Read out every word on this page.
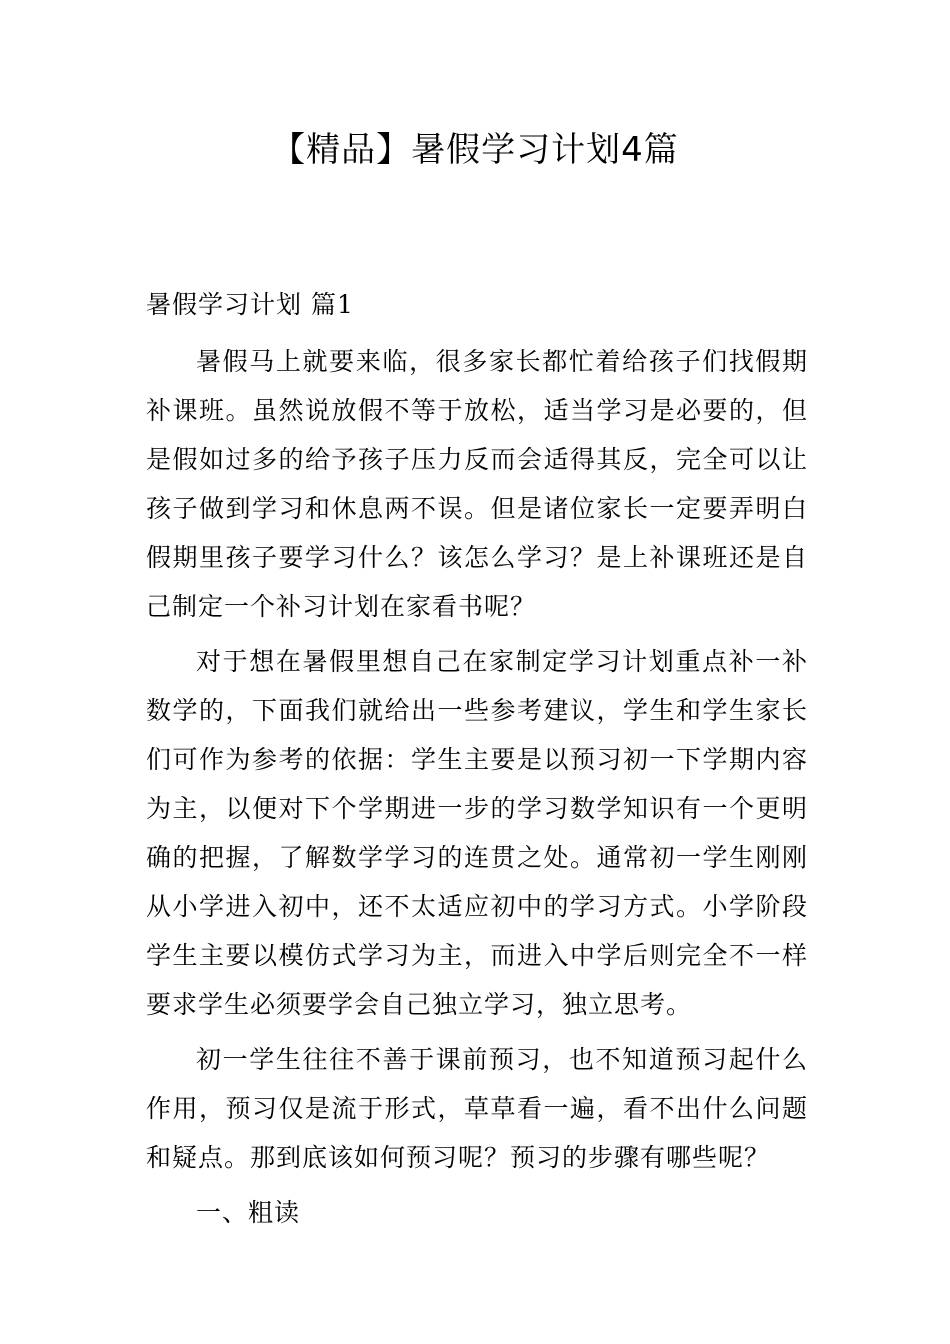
【精品】暑假学习计划4篇

暑假学习计划 篇1

暑假马上就要来临，很多家长都忙着给孩子们找假期补课班。虽然说放假不等于放松，适当学习是必要的，但是假如过多的给予孩子压力反而会适得其反，完全可以让孩子做到学习和休息两不误。但是诸位家长一定要弄明白假期里孩子要学习什么？该怎么学习？是上补课班还是自己制定一个补习计划在家看书呢？

对于想在暑假里想自己在家制定学习计划重点补一补数学的，下面我们就给出一些参考建议，学生和学生家长们可作为参考的依据：学生主要是以预习初一下学期内容为主，以便对下个学期进一步的学习数学知识有一个更明确的把握，了解数学学习的连贯之处。通常初一学生刚刚从小学进入初中，还不太适应初中的学习方式。小学阶段学生主要以模仿式学习为主，而进入中学后则完全不一样要求学生必须要学会自己独立学习，独立思考。

初一学生往往不善于课前预习，也不知道预习起什么作用，预习仅是流于形式，草草看一遍，看不出什么问题和疑点。那到底该如何预习呢？预习的步骤有哪些呢？

一、粗读
